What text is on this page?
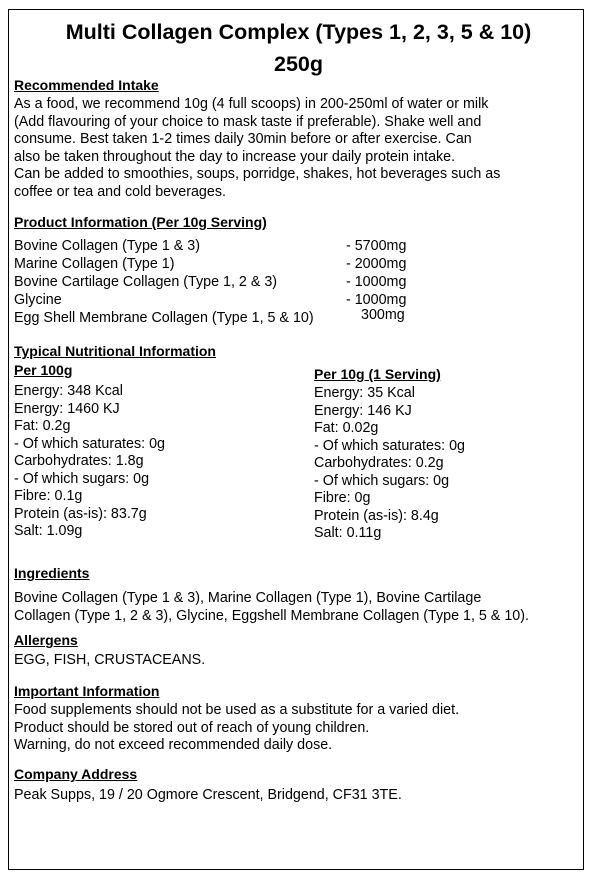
Multi Collagen Complex (Types 1, 2, 3, 5 & 10)
250g
Recommended Intake
As a food, we recommend 10g (4 full scoops) in 200-250ml of water or milk
(Add flavouring of your choice to mask taste if preferable). Shake well and
consume. Best taken 1-2 times daily 30min before or after exercise. Can
also be taken throughout the day to increase your daily protein intake.
Can be added to smoothies, soups, porridge, shakes, hot beverages such as
coffee or tea and cold beverages.
Product Information (Per 10g Serving)
Bovine Collagen (Type 1 & 3)	- 5700mg
Marine Collagen (Type 1)	- 2000mg
Bovine Cartilage Collagen (Type 1, 2 & 3)	- 1000mg
Glycine	- 1000mg
Egg Shell Membrane Collagen (Type 1, 5 & 10)	300mg
Typical Nutritional Information
Per 100g
Energy: 348 Kcal
Energy: 1460 KJ
Fat: 0.2g
- Of which saturates: 0g
Carbohydrates: 1.8g
- Of which sugars: 0g
Fibre: 0.1g
Protein (as-is): 83.7g
Salt: 1.09g
Per 10g (1 Serving)
Energy: 35 Kcal
Energy: 146 KJ
Fat: 0.02g
- Of which saturates: 0g
Carbohydrates: 0.2g
- Of which sugars: 0g
Fibre: 0g
Protein (as-is): 8.4g
Salt: 0.11g
Ingredients
Bovine Collagen (Type 1 & 3), Marine Collagen (Type 1), Bovine Cartilage
Collagen (Type 1, 2 & 3), Glycine, Eggshell Membrane Collagen (Type 1, 5 & 10).
Allergens
EGG, FISH, CRUSTACEANS.
Important Information
Food supplements should not be used as a substitute for a varied diet.
Product should be stored out of reach of young children.
Warning, do not exceed recommended daily dose.
Company Address
Peak Supps, 19 / 20 Ogmore Crescent, Bridgend, CF31 3TE.
